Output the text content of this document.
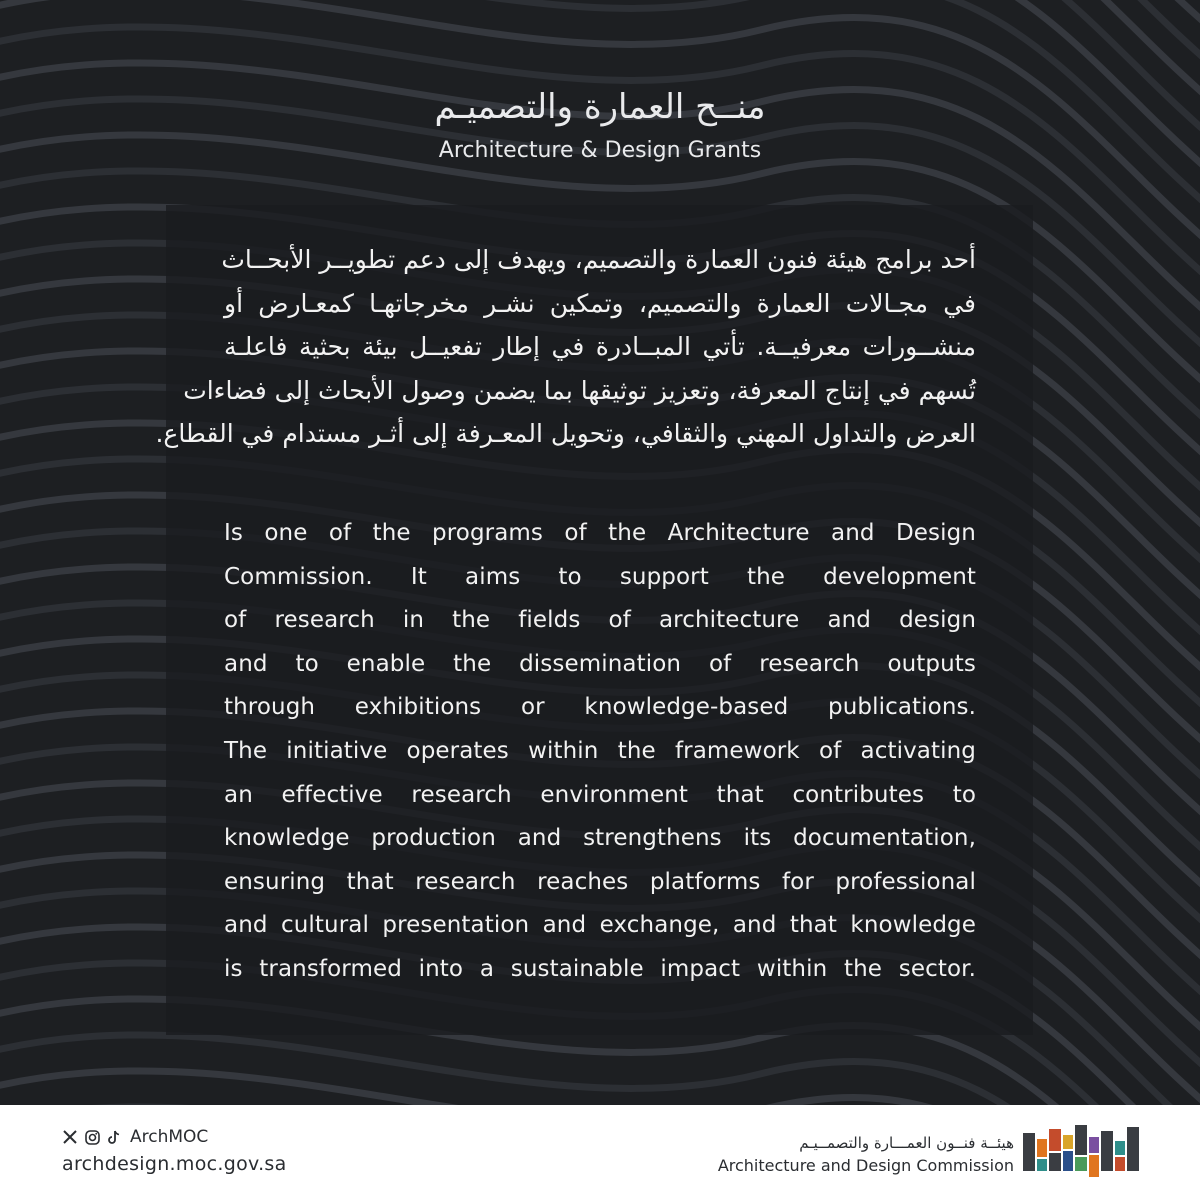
منــح العمارة والتصميـم
Architecture & Design Grants
أحد برامج هيئة فنون العمارة والتصميم، ويهدف إلى دعم تطويــر الأبحــاث
في مجـالات العمارة والتصميم، وتمكين نشـر مخرجاتهـا كمعـارض أو
منشــورات معرفيــة. تأتي المبــادرة في إطار تفعيــل بيئة بحثية فاعلـة
تُسهم في إنتاج المعرفة، وتعزيز توثيقها بما يضمن وصول الأبحاث إلى فضاءات
العرض والتداول المهني والثقافي، وتحويل المعـرفة إلى أثـر مستدام في القطاع.
Is one of the programs of the Architecture and Design
Commission. It aims to support the development
of research in the fields of architecture and design
and to enable the dissemination of research outputs
through exhibitions or knowledge-based publications.
The initiative operates within the framework of activating
an effective research environment that contributes to
knowledge production and strengthens its documentation,
ensuring that research reaches platforms for professional
and cultural presentation and exchange, and that knowledge
is transformed into a sustainable impact within the sector.
ArchMOC
archdesign.moc.gov.sa
هيئــة فنــون العمـــارة والتصمــيـم
Architecture and Design Commission
